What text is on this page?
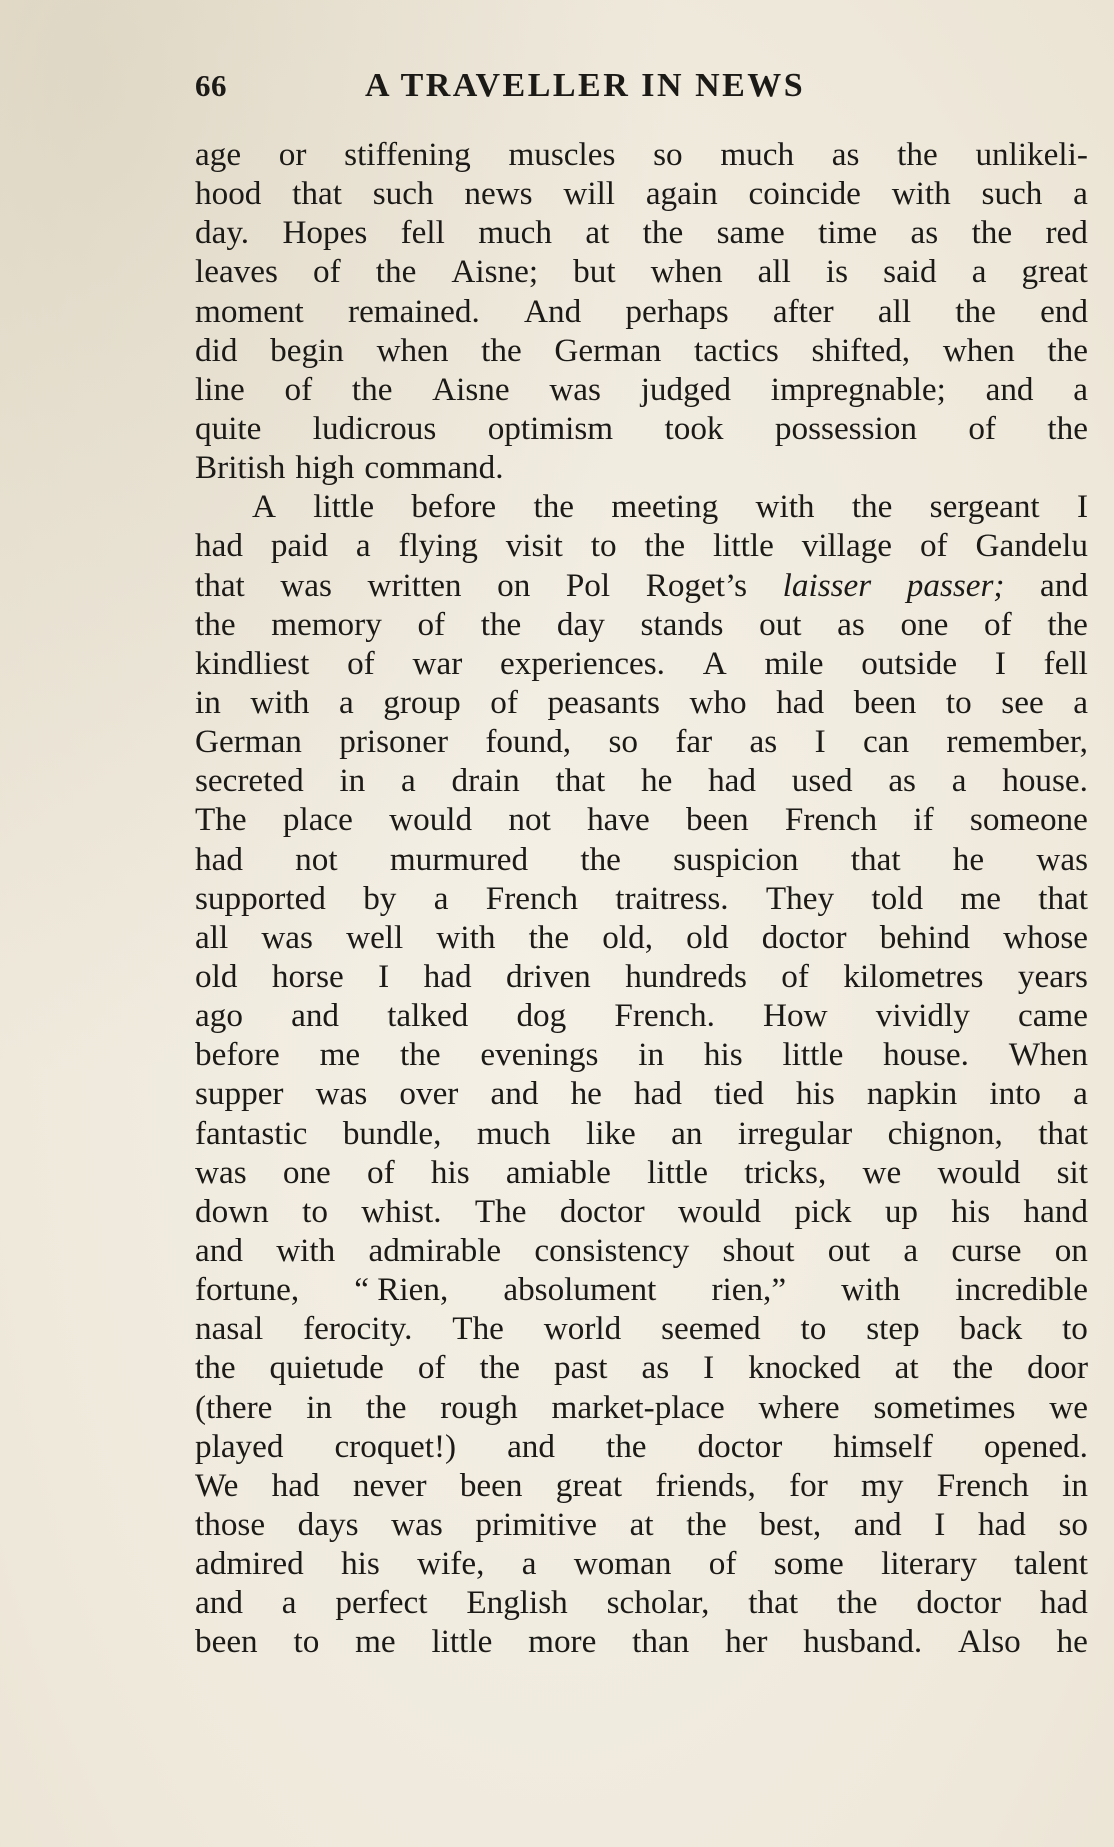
66	A TRAVELLER IN NEWS
age or stiffening muscles so much as the unlikeli-
hood that such news will again coincide with such a
day. Hopes fell much at the same time as the red
leaves of the Aisne; but when all is said a great
moment remained. And perhaps after all the end
did begin when the German tactics shifted, when the
line of the Aisne was judged impregnable; and a
quite ludicrous optimism took possession of the
British high command.
A little before the meeting with the sergeant I
had paid a flying visit to the little village of Gandelu
that was written on Pol Roget’s laisser passer; and
the memory of the day stands out as one of the
kindliest of war experiences. A mile outside I fell
in with a group of peasants who had been to see a
German prisoner found, so far as I can remember,
secreted in a drain that he had used as a house.
The place would not have been French if someone
had not murmured the suspicion that he was
supported by a French traitress. They told me that
all was well with the old, old doctor behind whose
old horse I had driven hundreds of kilometres years
ago and talked dog French. How vividly came
before me the evenings in his little house. When
supper was over and he had tied his napkin into a
fantastic bundle, much like an irregular chignon, that
was one of his amiable little tricks, we would sit
down to whist. The doctor would pick up his hand
and with admirable consistency shout out a curse on
fortune, “ Rien, absolument rien,” with incredible
nasal ferocity. The world seemed to step back to
the quietude of the past as I knocked at the door
(there in the rough market-place where sometimes we
played croquet!) and the doctor himself opened.
We had never been great friends, for my French in
those days was primitive at the best, and I had so
admired his wife, a woman of some literary talent
and a perfect English scholar, that the doctor had
been to me little more than her husband. Also he
